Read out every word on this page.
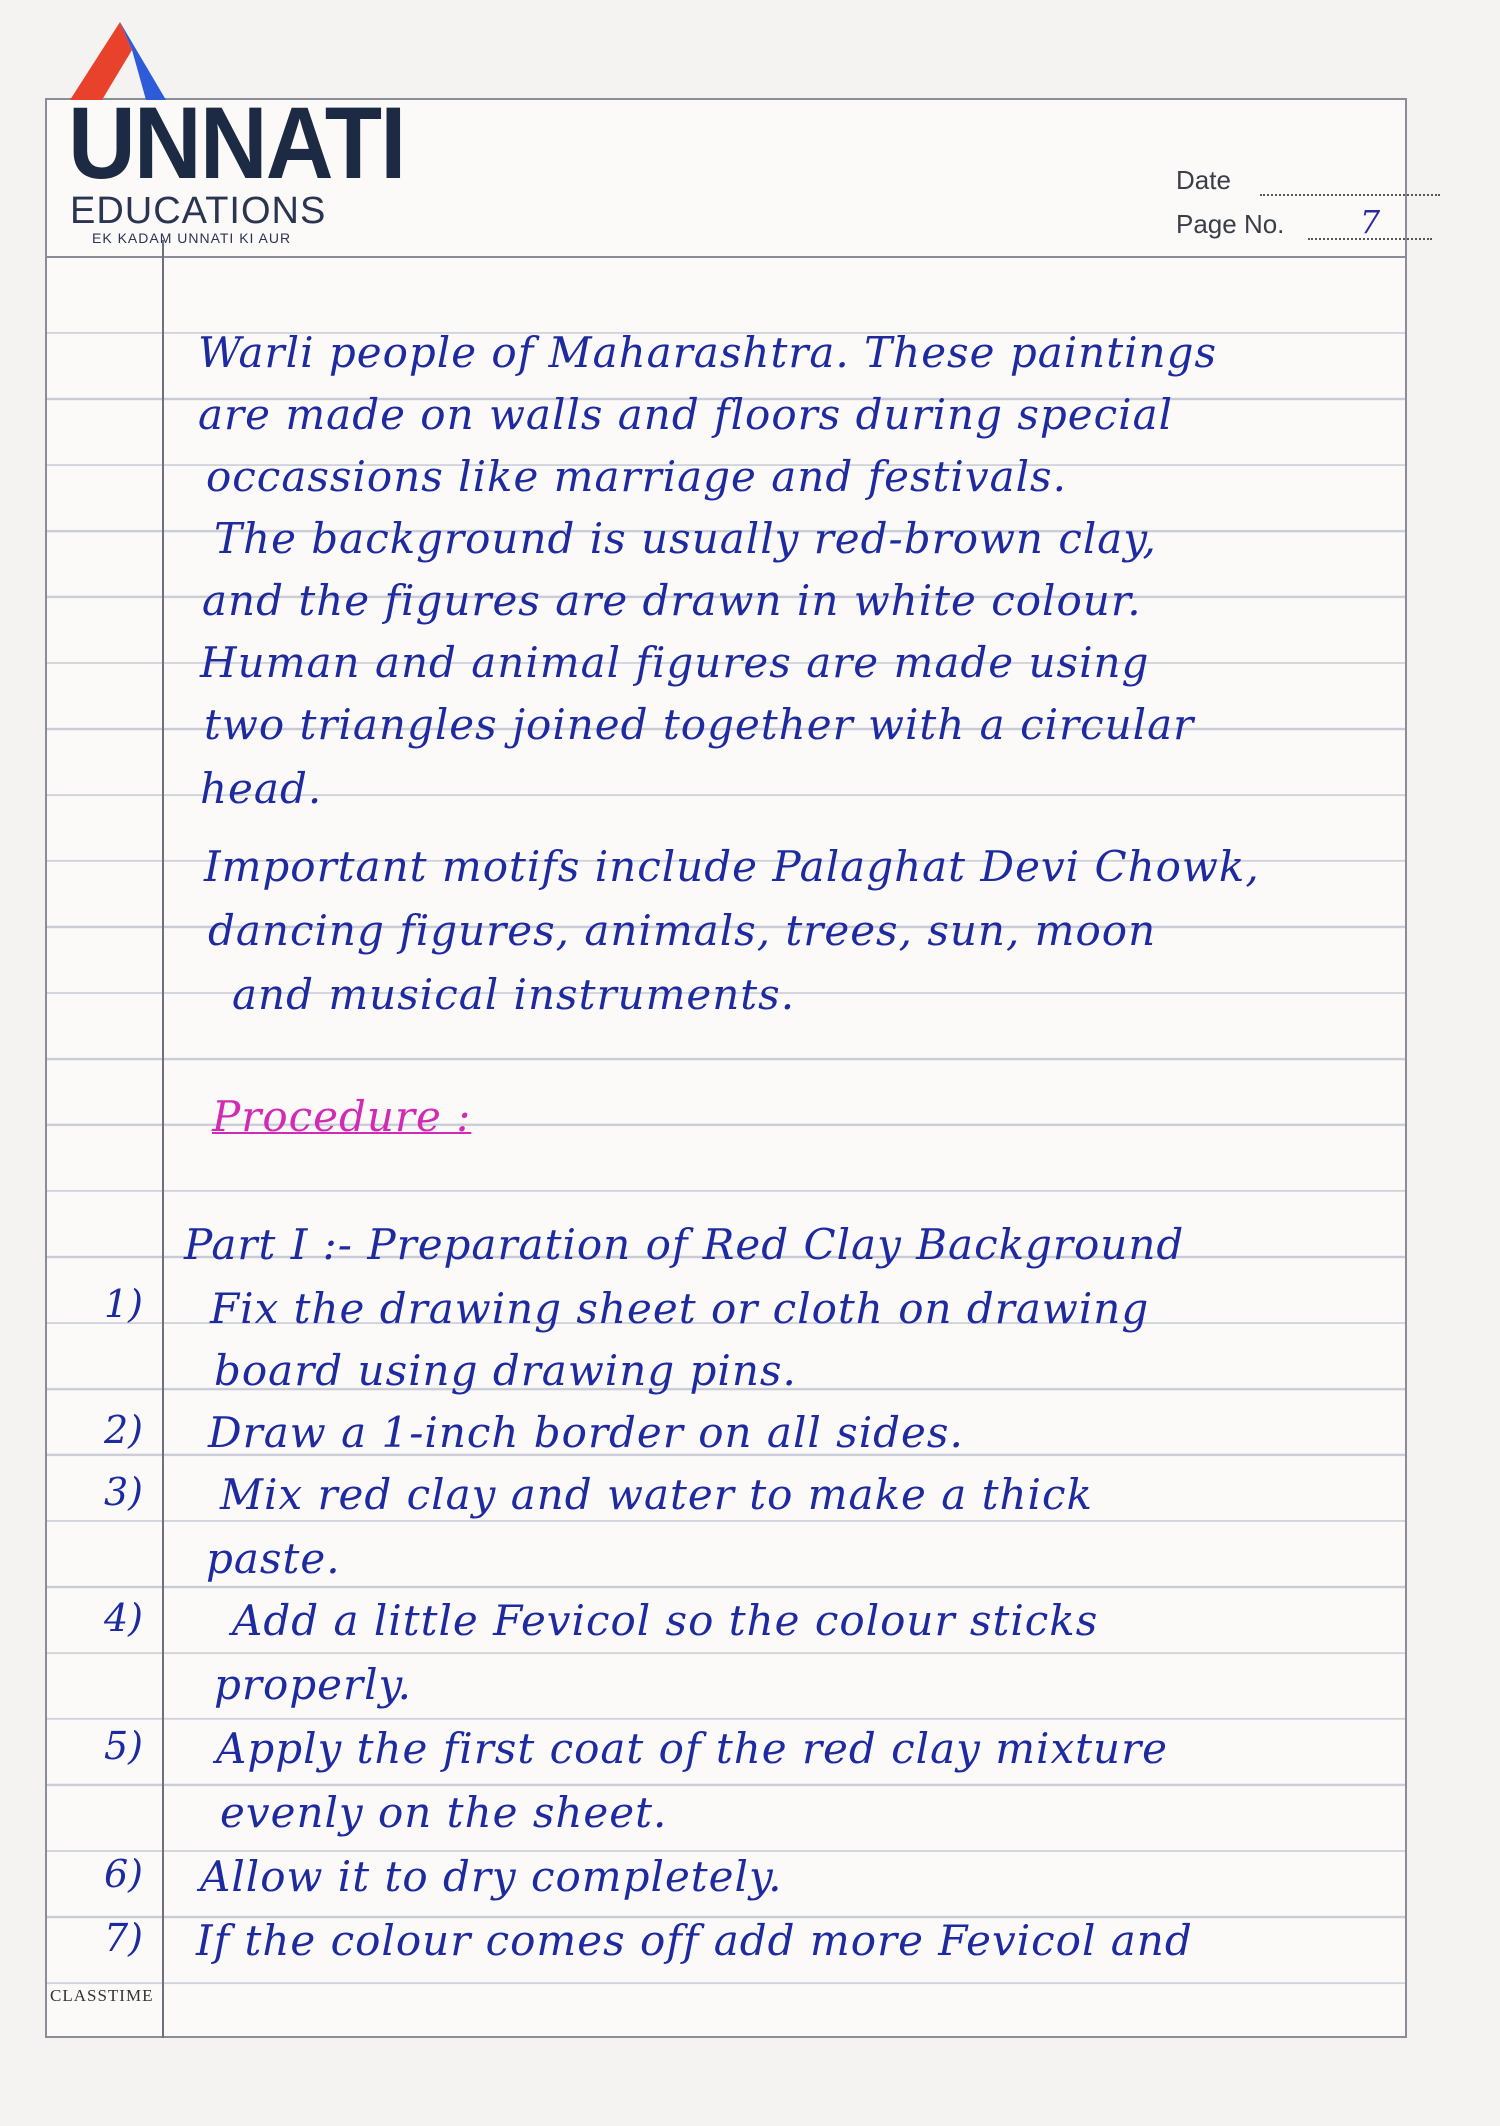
UNNATI
EDUCATIONS
EK KADAM UNNATI KI AUR
Date
Page No.	7
Warli people of Maharashtra. These paintings
are made on walls and floors during special
occassions like marriage and festivals.
The background is usually red-brown clay,
and the figures are drawn in white colour.
Human and animal figures are made using
two triangles joined together with a circular
head.
Important motifs include Palaghat Devi Chowk,
dancing figures, animals, trees, sun, moon
and musical instruments.
Procedure :
Part I :- Preparation of Red Clay Background
1) Fix the drawing sheet or cloth on drawing
board using drawing pins.
2) Draw a 1-inch border on all sides.
3) Mix red clay and water to make a thick
paste.
4) Add a little Fevicol so the colour sticks
properly.
5) Apply the first coat of the red clay mixture
evenly on the sheet.
6) Allow it to dry completely.
7) If the colour comes off add more Fevicol and
CLASSTIME
